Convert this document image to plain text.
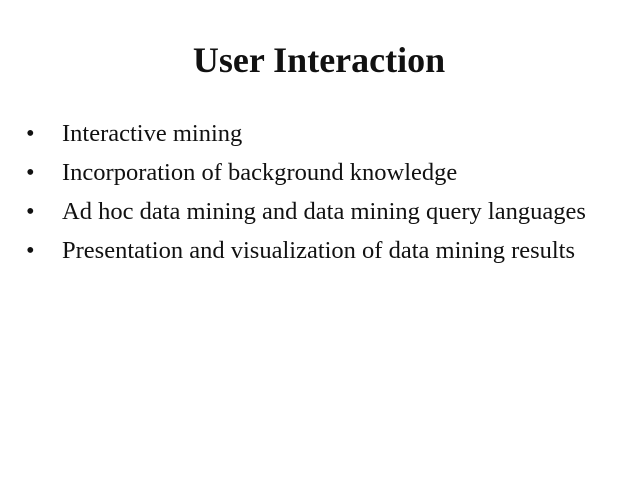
User Interaction
•	Interactive mining
•	Incorporation of background knowledge
•	Ad hoc data mining and data mining query languages
•	Presentation and visualization of data mining results
